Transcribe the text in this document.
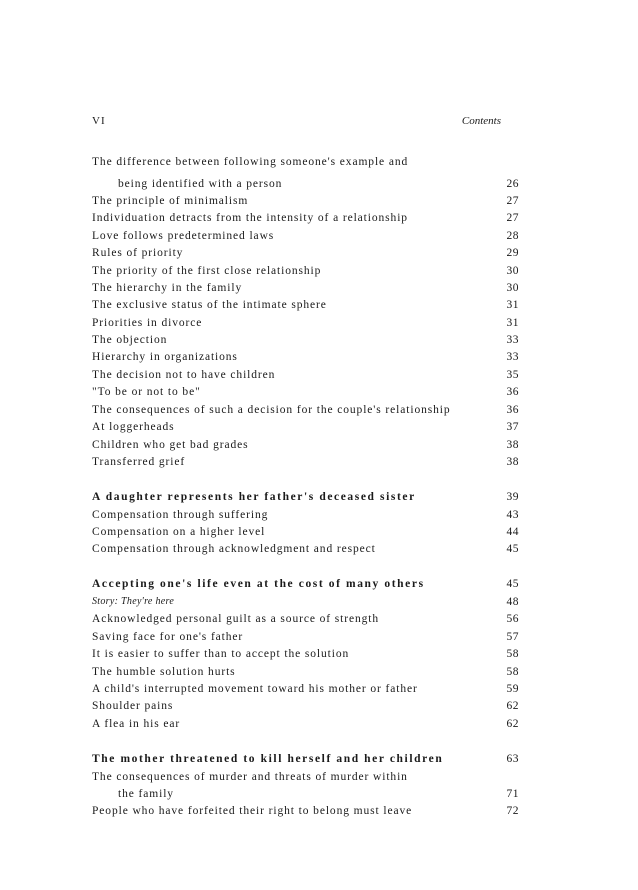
VI	Contents
The difference between following someone's example and
being identified with a person	26
The principle of minimalism	27
Individuation detracts from the intensity of a relationship	27
Love follows predetermined laws	28
Rules of priority	29
The priority of the first close relationship	30
The hierarchy in the family	30
The exclusive status of the intimate sphere	31
Priorities in divorce	31
The objection	33
Hierarchy in organizations	33
The decision not to have children	35
"To be or not to be"	36
The consequences of such a decision for the couple's relationship	36
At loggerheads	37
Children who get bad grades	38
Transferred grief	38
A daughter represents her father's deceased sister	39
Compensation through suffering	43
Compensation on a higher level	44
Compensation through acknowledgment and respect	45
Accepting one's life even at the cost of many others	45
Story: They're here	48
Acknowledged personal guilt as a source of strength	56
Saving face for one's father	57
It is easier to suffer than to accept the solution	58
The humble solution hurts	58
A child's interrupted movement toward his mother or father	59
Shoulder pains	62
A flea in his ear	62
The mother threatened to kill herself and her children	63
The consequences of murder and threats of murder within
the family	71
People who have forfeited their right to belong must leave	72
